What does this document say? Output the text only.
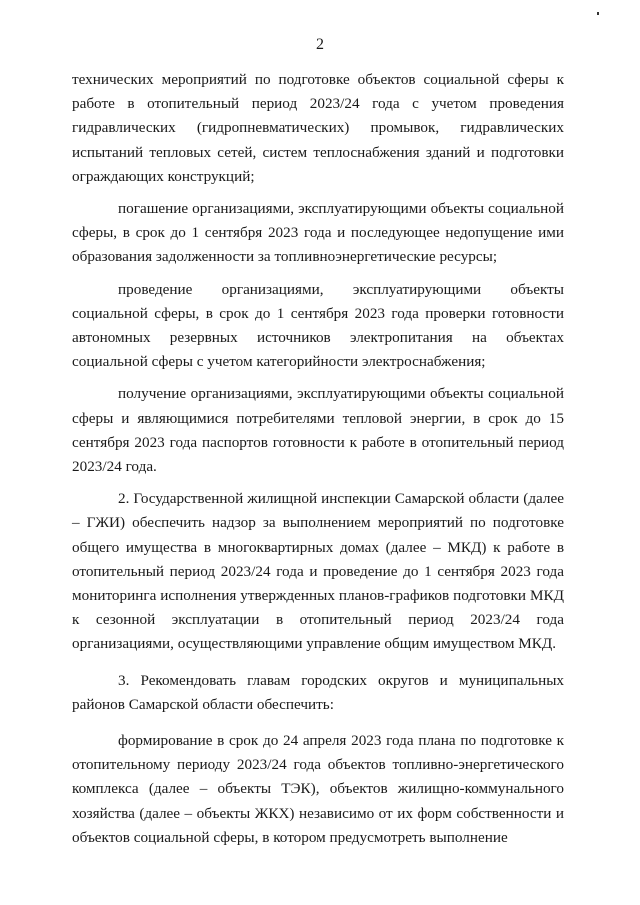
2

технических мероприятий по подготовке объектов социальной сферы к работе в отопительный период 2023/24 года с учетом проведения гидравлических (гидропневматических) промывок, гидравлических испытаний тепловых сетей, систем теплоснабжения зданий и подготовки ограждающих конструкций;

погашение организациями, эксплуатирующими объекты социальной сферы, в срок до 1 сентября 2023 года и последующее недопущение ими образования задолженности за топливноэнергетические ресурсы;

проведение организациями, эксплуатирующими объекты социальной сферы, в срок до 1 сентября 2023 года проверки готовности автономных резервных источников электропитания на объектах социальной сферы с учетом категорийности электроснабжения;

получение организациями, эксплуатирующими объекты социальной сферы и являющимися потребителями тепловой энергии, в срок до 15 сентября 2023 года паспортов готовности к работе в отопительный период 2023/24 года.

2. Государственной жилищной инспекции Самарской области (далее – ГЖИ) обеспечить надзор за выполнением мероприятий по подготовке общего имущества в многоквартирных домах (далее – МКД) к работе в отопительный период 2023/24 года и проведение до 1 сентября 2023 года мониторинга исполнения утвержденных планов-графиков подготовки МКД к сезонной эксплуатации в отопительный период 2023/24 года организациями, осуществляющими управление общим имуществом МКД.

3. Рекомендовать главам городских округов и муниципальных районов Самарской области обеспечить:

формирование в срок до 24 апреля 2023 года плана по подготовке к отопительному периоду 2023/24 года объектов топливно-энергетического комплекса (далее – объекты ТЭК), объектов жилищно-коммунального хозяйства (далее – объекты ЖКХ) независимо от их форм собственности и объектов социальной сферы, в котором предусмотреть выполнение
